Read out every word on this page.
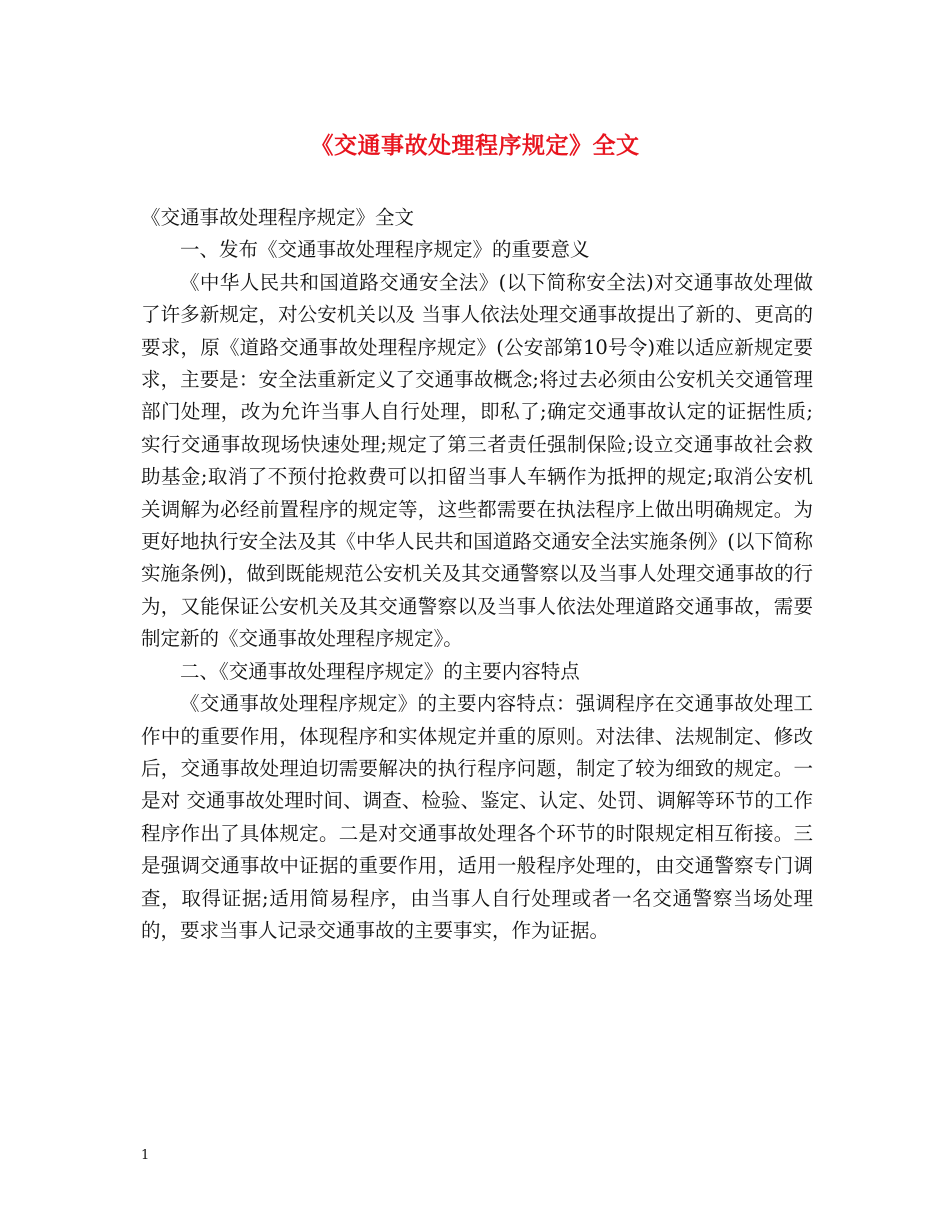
《交通事故处理程序规定》全文

《交通事故处理程序规定》全文

一、发布《交通事故处理程序规定》的重要意义

《中华人民共和国道路交通安全法》(以下简称安全法)对交通事故处理做了许多新规定，对公安机关以及 当事人依法处理交通事故提出了新的、更高的要求，原《道路交通事故处理程序规定》(公安部第10号令)难以适应新规定要求，主要是：安全法重新定义了交通事故概念;将过去必须由公安机关交通管理部门处理，改为允许当事人自行处理，即私了;确定交通事故认定的证据性质;实行交通事故现场快速处理;规定了第三者责任强制保险;设立交通事故社会救助基金;取消了不预付抢救费可以扣留当事人车辆作为抵押的规定;取消公安机关调解为必经前置程序的规定等，这些都需要在执法程序上做出明确规定。为更好地执行安全法及其《中华人民共和国道路交通安全法实施条例》(以下简称实施条例)，做到既能规范公安机关及其交通警察以及当事人处理交通事故的行为，又能保证公安机关及其交通警察以及当事人依法处理道路交通事故，需要制定新的《交通事故处理程序规定》。

二、《交通事故处理程序规定》的主要内容特点

《交通事故处理程序规定》的主要内容特点：强调程序在交通事故处理工作中的重要作用，体现程序和实体规定并重的原则。对法律、法规制定、修改后，交通事故处理迫切需要解决的执行程序问题，制定了较为细致的规定。一是对 交通事故处理时间、调查、检验、鉴定、认定、处罚、调解等环节的工作程序作出了具体规定。二是对交通事故处理各个环节的时限规定相互衔接。三是强调交通事故中证据的重要作用，适用一般程序处理的，由交通警察专门调查，取得证据;适用简易程序，由当事人自行处理或者一名交通警察当场处理的，要求当事人记录交通事故的主要事实，作为证据。

1
